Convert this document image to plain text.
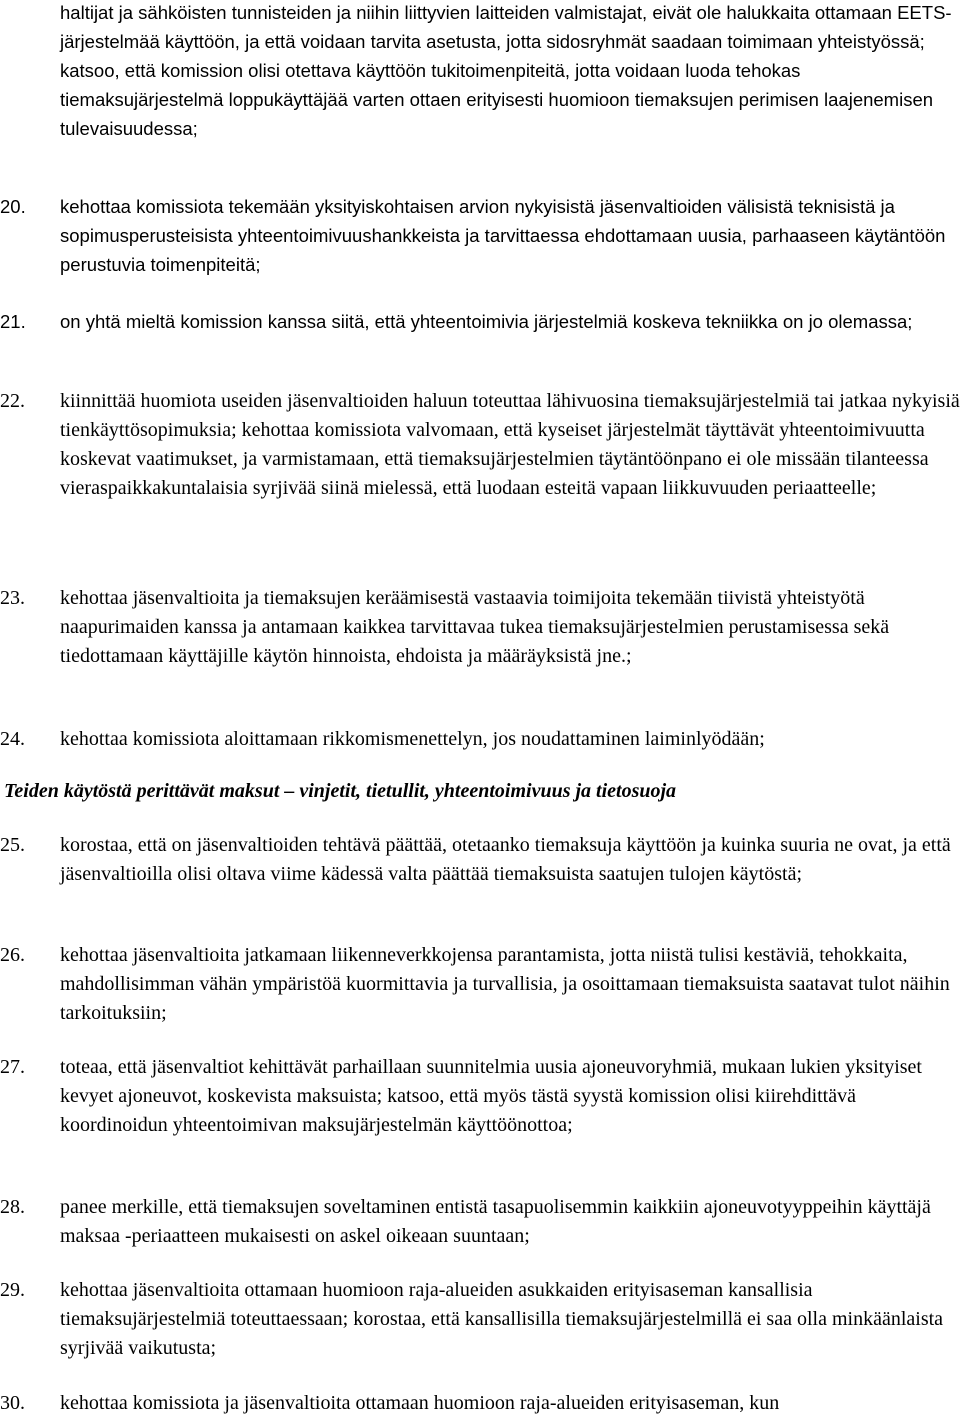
haltijat ja sähköisten tunnisteiden ja niihin liittyvien laitteiden valmistajat, eivät ole halukkaita ottamaan EETS-järjestelmää käyttöön, ja että voidaan tarvita asetusta, jotta sidosryhmät saadaan toimimaan yhteistyössä; katsoo, että komission olisi otettava käyttöön tukitoimenpiteitä, jotta voidaan luoda tehokas tiemaksujärjestelmä loppukäyttäjää varten ottaen erityisesti huomioon tiemaksujen perimisen laajenemisen tulevaisuudessa;
20.	kehottaa komissiota tekemään yksityiskohtaisen arvion nykyisistä jäsenvaltioiden välisistä teknisistä ja sopimusperusteisista yhteentoimivuushankkeista ja tarvittaessa ehdottamaan uusia, parhaaseen käytäntöön perustuvia toimenpiteitä;
21.	on yhtä mieltä komission kanssa siitä, että yhteentoimivia järjestelmiä koskeva tekniikka on jo olemassa;
22.	kiinnittää huomiota useiden jäsenvaltioiden haluun toteuttaa lähivuosina tiemaksujärjestelmiä tai jatkaa nykyisiä tienkäyttösopimuksia; kehottaa komissiota valvomaan, että kyseiset järjestelmät täyttävät yhteentoimivuutta koskevat vaatimukset, ja varmistamaan, että tiemaksujärjestelmien täytäntöönpano ei ole missään tilanteessa vieraspaikkakuntalaisia syrjivää siinä mielessä, että luodaan esteitä vapaan liikkuvuuden periaatteelle;
23.	kehottaa jäsenvaltioita ja tiemaksujen keräämisestä vastaavia toimijoita tekemään tiivistä yhteistyötä naapurimaiden kanssa ja antamaan kaikkea tarvittavaa tukea tiemaksujärjestelmien perustamisessa sekä tiedottamaan käyttäjille käytön hinnoista, ehdoista ja määräyksistä jne.;
24.	kehottaa komissiota aloittamaan rikkomismenettelyn, jos noudattaminen laiminlyödään;
Teiden käytöstä perittävät maksut – vinjetit, tietullit, yhteentoimivuus ja tietosuoja
25.	korostaa, että on jäsenvaltioiden tehtävä päättää, otetaanko tiemaksuja käyttöön ja kuinka suuria ne ovat, ja että jäsenvaltioilla olisi oltava viime kädessä valta päättää tiemaksuista saatujen tulojen käytöstä;
26.	kehottaa jäsenvaltioita jatkamaan liikenneverkkojensa parantamista, jotta niistä tulisi kestäviä, tehokkaita, mahdollisimman vähän ympäristöä kuormittavia ja turvallisia, ja osoittamaan tiemaksuista saatavat tulot näihin tarkoituksiin;
27.	toteaa, että jäsenvaltiot kehittävät parhaillaan suunnitelmia uusia ajoneuvoryhmiä, mukaan lukien yksityiset kevyet ajoneuvot, koskevista maksuista; katsoo, että myös tästä syystä komission olisi kiirehdittävä koordinoidun yhteentoimivan maksujärjestelmän käyttöönottoa;
28.	panee merkille, että tiemaksujen soveltaminen entistä tasapuolisemmin kaikkiin ajoneuvotyyppeihin käyttäjä maksaa -periaatteen mukaisesti on askel oikeaan suuntaan;
29.	kehottaa jäsenvaltioita ottamaan huomioon raja-alueiden asukkaiden erityisaseman kansallisia tiemaksujärjestelmiä toteuttaessaan; korostaa, että kansallisilla tiemaksujärjestelmillä ei saa olla minkäänlaista syrjivää vaikutusta;
30.	kehottaa komissiota ja jäsenvaltioita ottamaan huomioon raja-alueiden erityisaseman, kun
